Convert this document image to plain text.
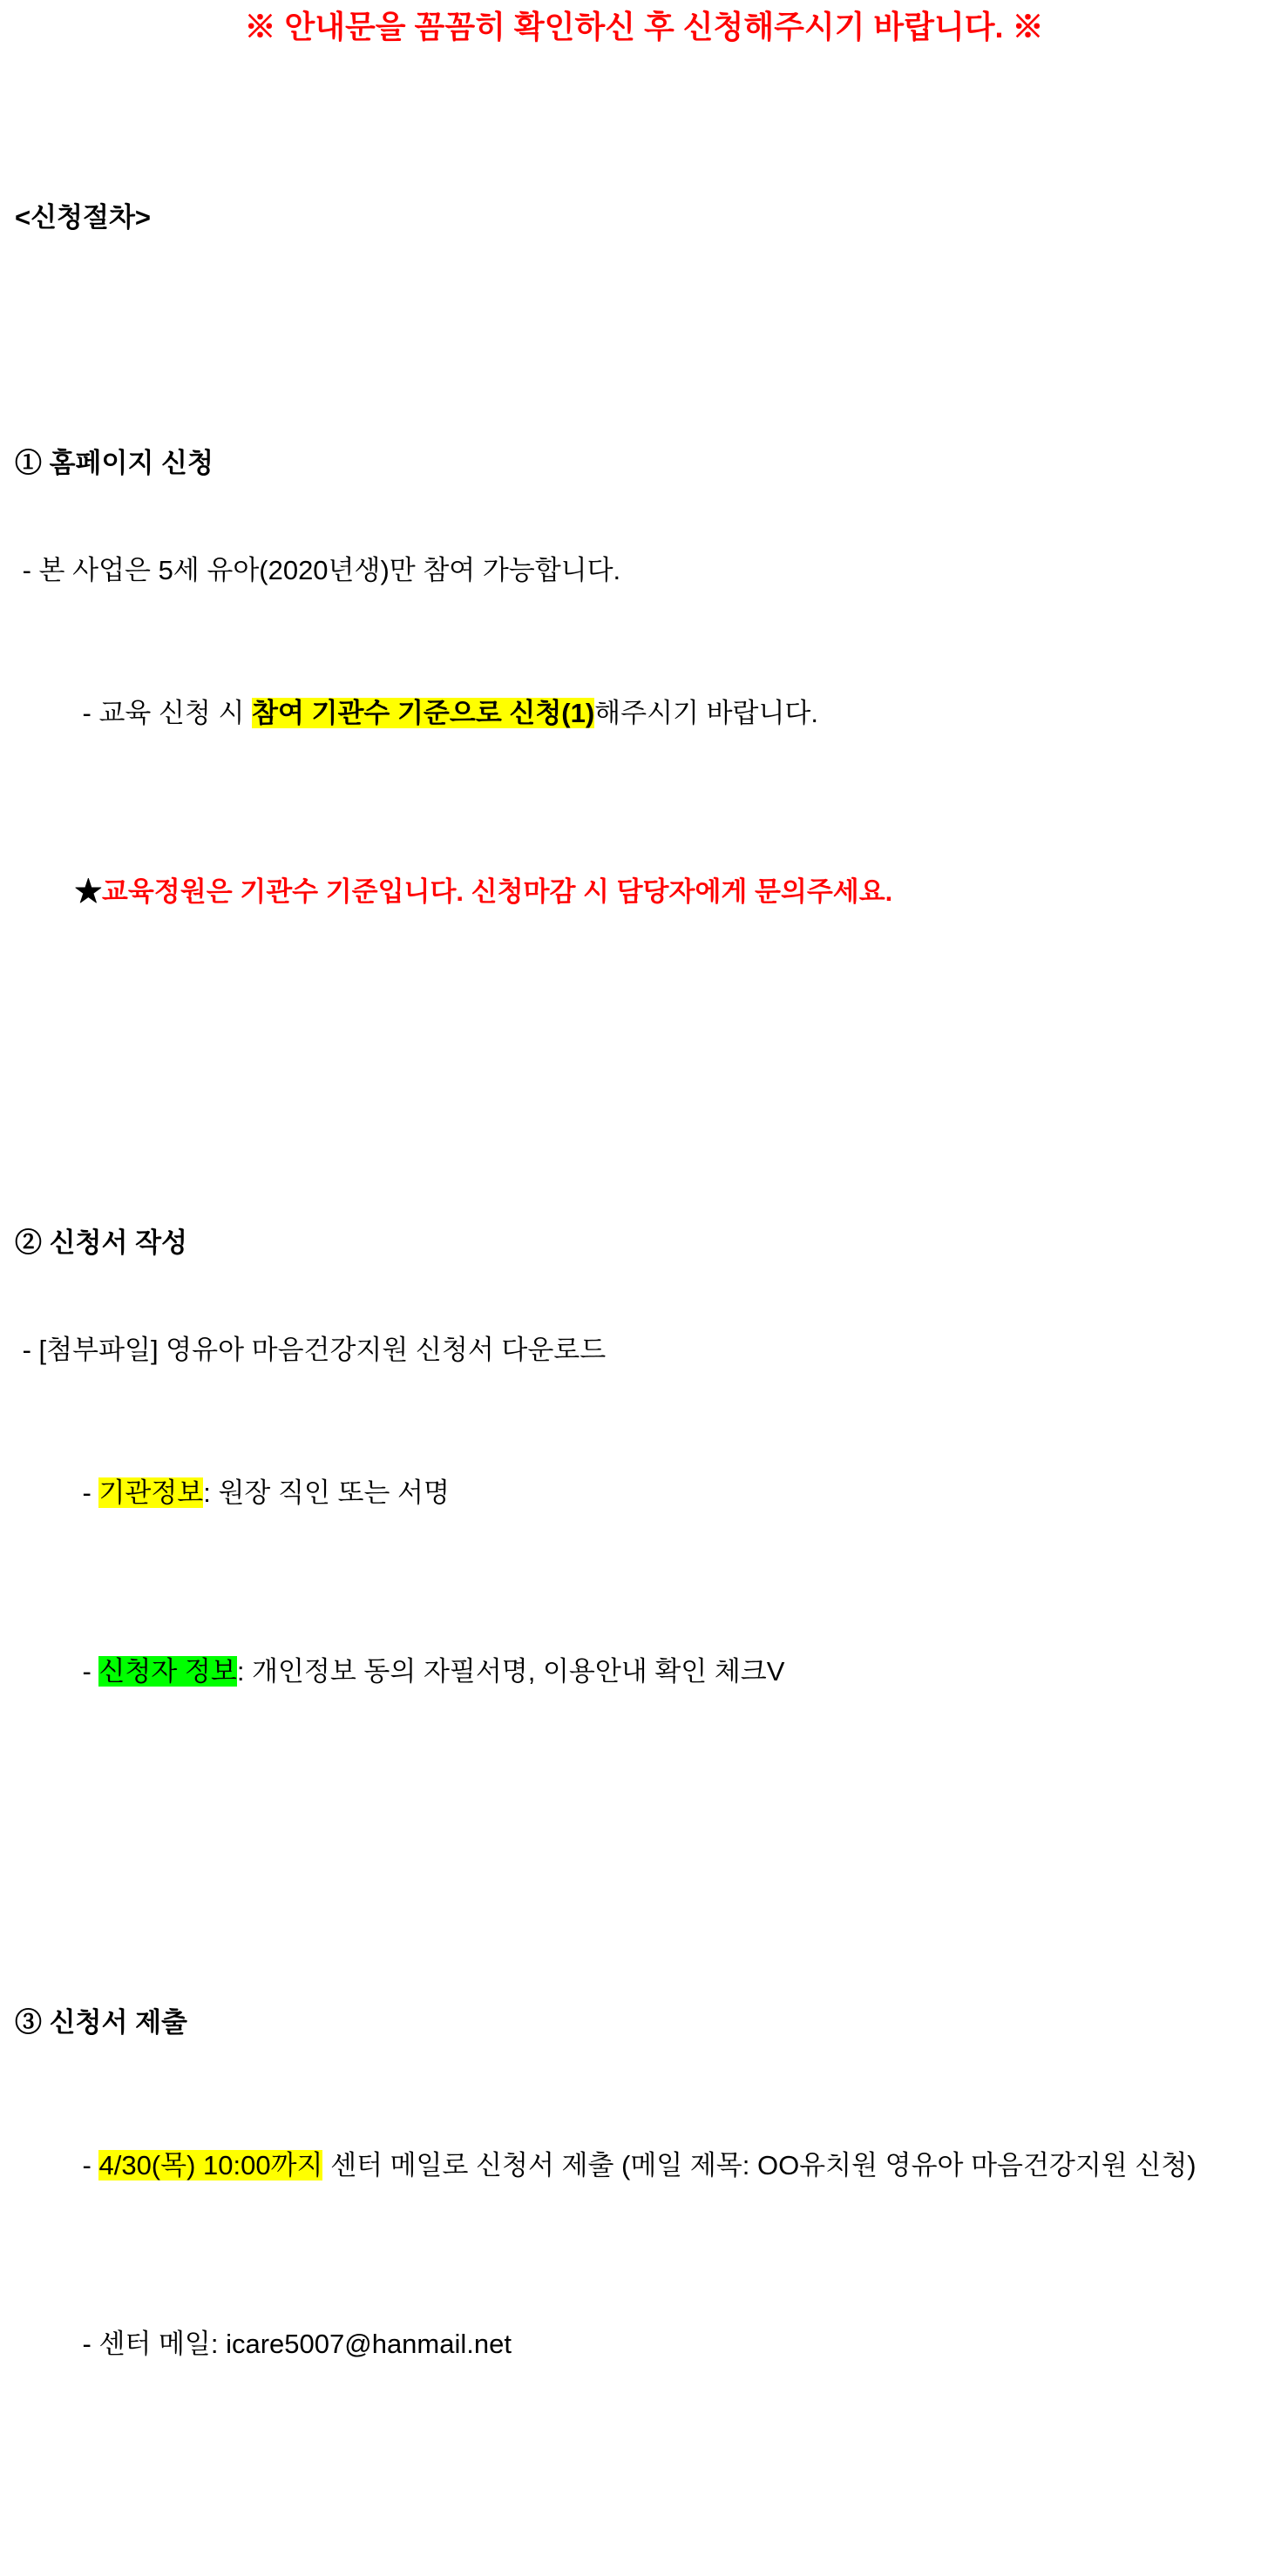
※ 안내문을 꼼꼼히 확인하신 후 신청해주시기 바랍니다. ※

<신청절차>

① 홈페이지 신청

- 본 사업은 5세 유아(2020년생)만 참여 가능합니다.

- 교육 신청 시 참여 기관수 기준으로 신청(1)해주시기 바랍니다.

★교육정원은 기관수 기준입니다. 신청마감 시 담당자에게 문의주세요.

② 신청서 작성

- [첨부파일] 영유아 마음건강지원 신청서 다운로드

- 기관정보: 원장 직인 또는 서명

- 신청자 정보: 개인정보 동의 자필서명, 이용안내 확인 체크V

③ 신청서 제출

- 4/30(목) 10:00까지 센터 메일로 신청서 제출 (메일 제목: OO유치원 영유아 마음건강지원 신청)

- 센터 메일: icare5007@hanmail.net
